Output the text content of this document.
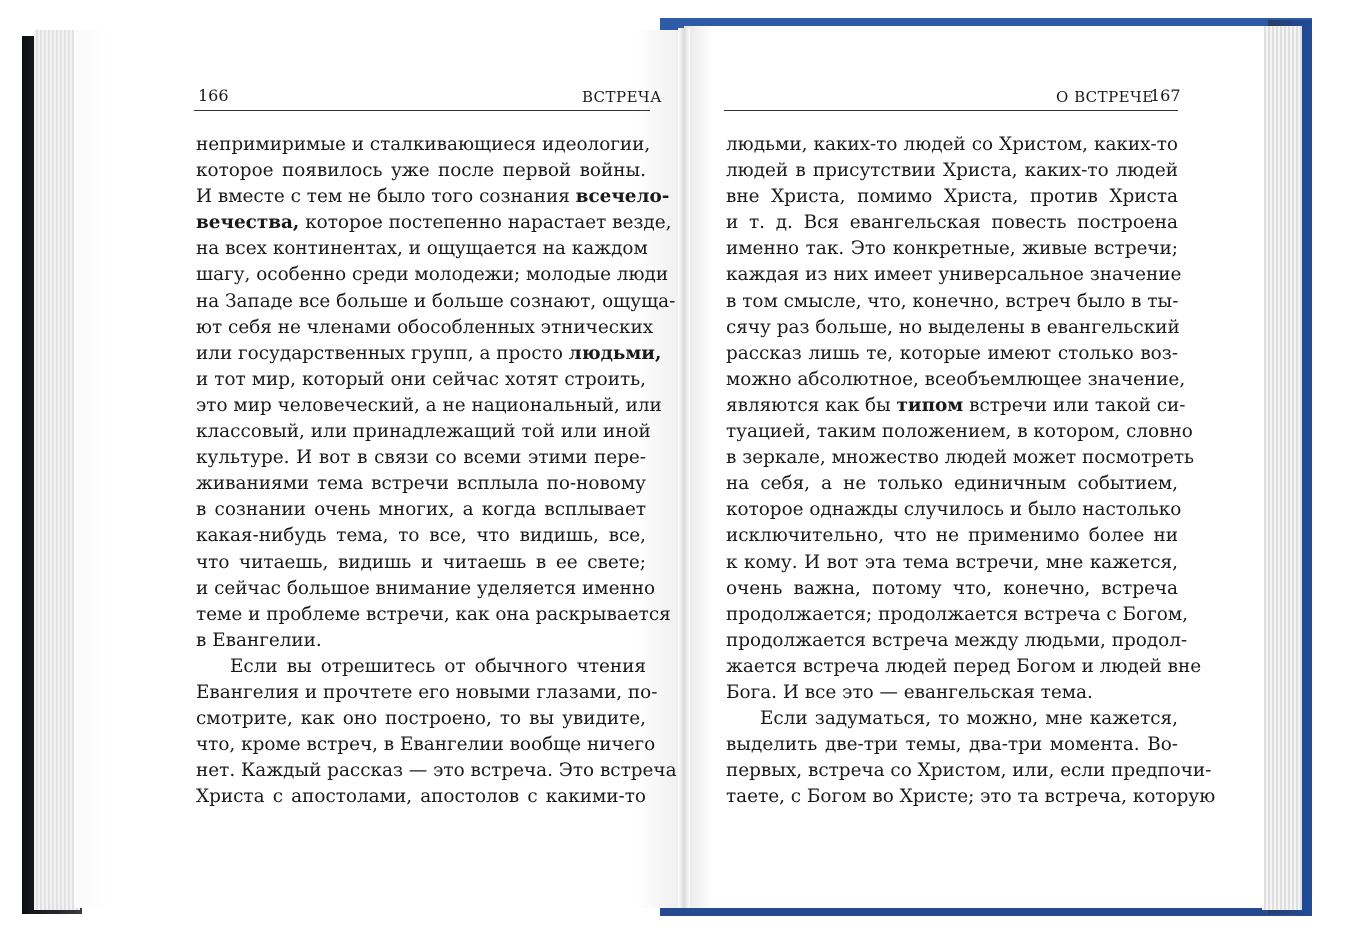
166	ВСТРЕЧА	О ВСТРЕЧЕ
167
непримиримые и сталкивающиеся идеологии,
которое появилось уже после первой войны.
И вместе с тем не было того сознания всечело-
вечества, которое постепенно нарастает везде,
на всех континентах, и ощущается на каждом
шагу, особенно среди молодежи; молодые люди
на Западе все больше и больше сознают, ощуща-
ют себя не членами обособленных этнических
или государственных групп, а просто людьми,
и тот мир, который они сейчас хотят строить,
это мир человеческий, а не национальный, или
классовый, или принадлежащий той или иной
культуре. И вот в связи со всеми этими пере-
живаниями тема встречи всплыла по-новому
в сознании очень многих, а когда всплывает
какая-нибудь тема, то все, что видишь, все,
что читаешь, видишь и читаешь в ее свете;
и сейчас большое внимание уделяется именно
теме и проблеме встречи, как она раскрывается
в Евангелии.
Если вы отрешитесь от обычного чтения
Евангелия и прочтете его новыми глазами, по-
смотрите, как оно построено, то вы увидите,
что, кроме встреч, в Евангелии вообще ничего
нет. Каждый рассказ — это встреча. Это встреча
Христа с апостолами, апостолов с какими-то
людьми, каких-то людей со Христом, каких-то
людей в присутствии Христа, каких-то людей
вне Христа, помимо Христа, против Христа
и т. д. Вся евангельская повесть построена
именно так. Это конкретные, живые встречи;
каждая из них имеет универсальное значение
в том смысле, что, конечно, встреч было в ты-
сячу раз больше, но выделены в евангельский
рассказ лишь те, которые имеют столько воз-
можно абсолютное, всеобъемлющее значение,
являются как бы типом встречи или такой си-
туацией, таким положением, в котором, словно
в зеркале, множество людей может посмотреть
на себя, а не только единичным событием,
которое однажды случилось и было настолько
исключительно, что не применимо более ни
к кому. И вот эта тема встречи, мне кажется,
очень важна, потому что, конечно, встреча
продолжается; продолжается встреча с Богом,
продолжается встреча между людьми, продол-
жается встреча людей перед Богом и людей вне
Бога. И все это — евангельская тема.
Если задуматься, то можно, мне кажется,
выделить две-три темы, два-три момента. Во-
первых, встреча со Христом, или, если предпочи-
таете, с Богом во Христе; это та встреча, которую
